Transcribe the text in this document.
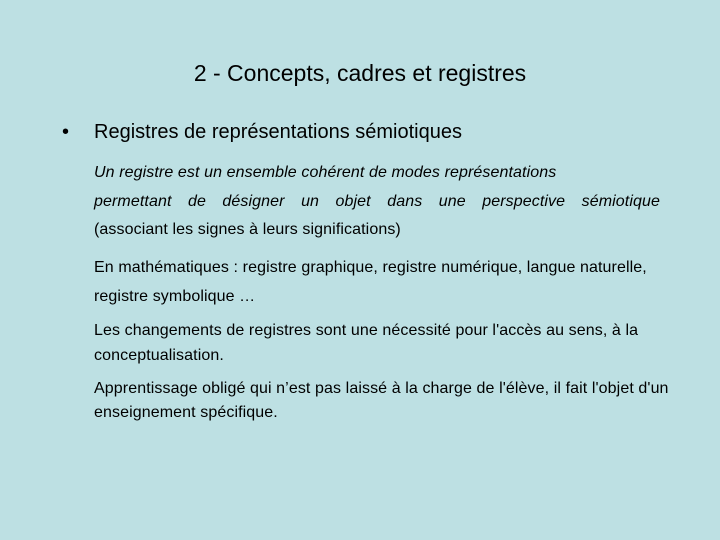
2 - Concepts, cadres et registres
• Registres de représentations sémiotiques
Un registre est un ensemble cohérent de modes représentations
permettant de désigner un objet dans une perspective sémiotique
(associant les signes à leurs significations)
En mathématiques : registre graphique, registre numérique, langue naturelle, registre symbolique …
Les changements de registres sont une nécessité pour l'accès au sens, à la conceptualisation.
Apprentissage obligé qui n’est pas laissé à la charge de l'élève, il fait l'objet d'un enseignement spécifique.
